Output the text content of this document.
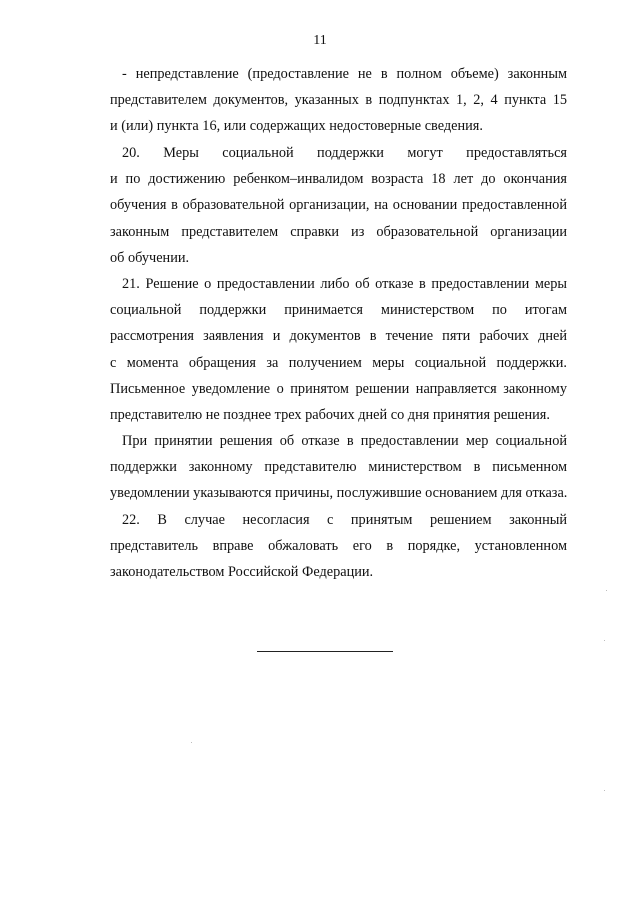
11
- непредставление (предоставление не в полном объеме) законным
представителем документов, указанных в подпунктах 1, 2, 4 пункта 15
и (или) пункта 16, или содержащих недостоверные сведения.
20. Меры социальной поддержки могут предоставляться
и по достижению ребенком–инвалидом возраста 18 лет до окончания
обучения в образовательной организации, на основании предоставленной
законным представителем справки из образовательной организации
об обучении.
21. Решение о предоставлении либо об отказе в предоставлении меры
социальной поддержки принимается министерством по итогам
рассмотрения заявления и документов в течение пяти рабочих дней
с момента обращения за получением меры социальной поддержки.
Письменное уведомление о принятом решении направляется законному
представителю не позднее трех рабочих дней со дня принятия решения.
При принятии решения об отказе в предоставлении мер социальной
поддержки законному представителю министерством в письменном
уведомлении указываются причины, послужившие основанием для отказа.
22. В случае несогласия с принятым решением законный
представитель вправе обжаловать его в порядке, установленном
законодательством Российской Федерации.
